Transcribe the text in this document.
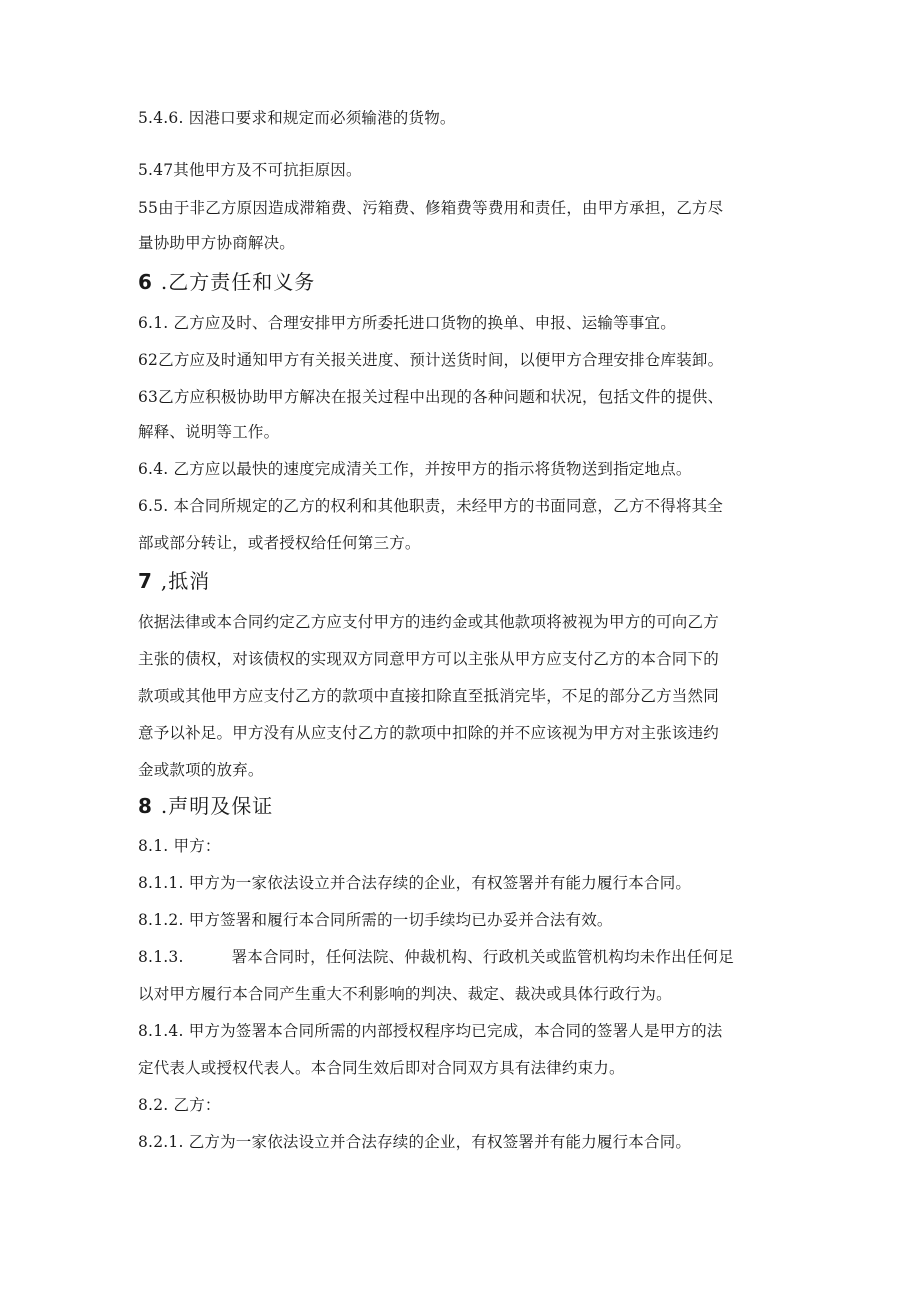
5.4.6. 因港口要求和规定而必须输港的货物。
5.47其他甲方及不可抗拒原因。
55由于非乙方原因造成滞箱费、污箱费、修箱费等费用和责任，由甲方承担，乙方尽
量协助甲方协商解决。
6 .乙方责任和义务
6.1. 乙方应及时、合理安排甲方所委托进口货物的换单、申报、运输等事宜。
62乙方应及时通知甲方有关报关进度、预计送货时间，以便甲方合理安排仓库装卸。
63乙方应积极协助甲方解决在报关过程中出现的各种问题和状况，包括文件的提供、
解释、说明等工作。
6.4. 乙方应以最快的速度完成清关工作，并按甲方的指示将货物送到指定地点。
6.5. 本合同所规定的乙方的权利和其他职责，未经甲方的书面同意，乙方不得将其全
部或部分转让，或者授权给任何第三方。
7 ,抵消
依据法律或本合同约定乙方应支付甲方的违约金或其他款项将被视为甲方的可向乙方
主张的债权，对该债权的实现双方同意甲方可以主张从甲方应支付乙方的本合同下的
款项或其他甲方应支付乙方的款项中直接扣除直至抵消完毕，不足的部分乙方当然同
意予以补足。甲方没有从应支付乙方的款项中扣除的并不应该视为甲方对主张该违约
金或款项的放弃。
8 .声明及保证
8.1. 甲方：
8.1.1. 甲方为一家依法设立并合法存续的企业，有权签署并有能力履行本合同。
8.1.2. 甲方签署和履行本合同所需的一切手续均已办妥并合法有效。
8.1.3.	署本合同时，任何法院、仲裁机构、行政机关或监管机构均未作出任何足
以对甲方履行本合同产生重大不利影响的判决、裁定、裁决或具体行政行为。
8.1.4. 甲方为签署本合同所需的内部授权程序均已完成，本合同的签署人是甲方的法
定代表人或授权代表人。本合同生效后即对合同双方具有法律约束力。
8.2. 乙方：
8.2.1. 乙方为一家依法设立并合法存续的企业，有权签署并有能力履行本合同。
